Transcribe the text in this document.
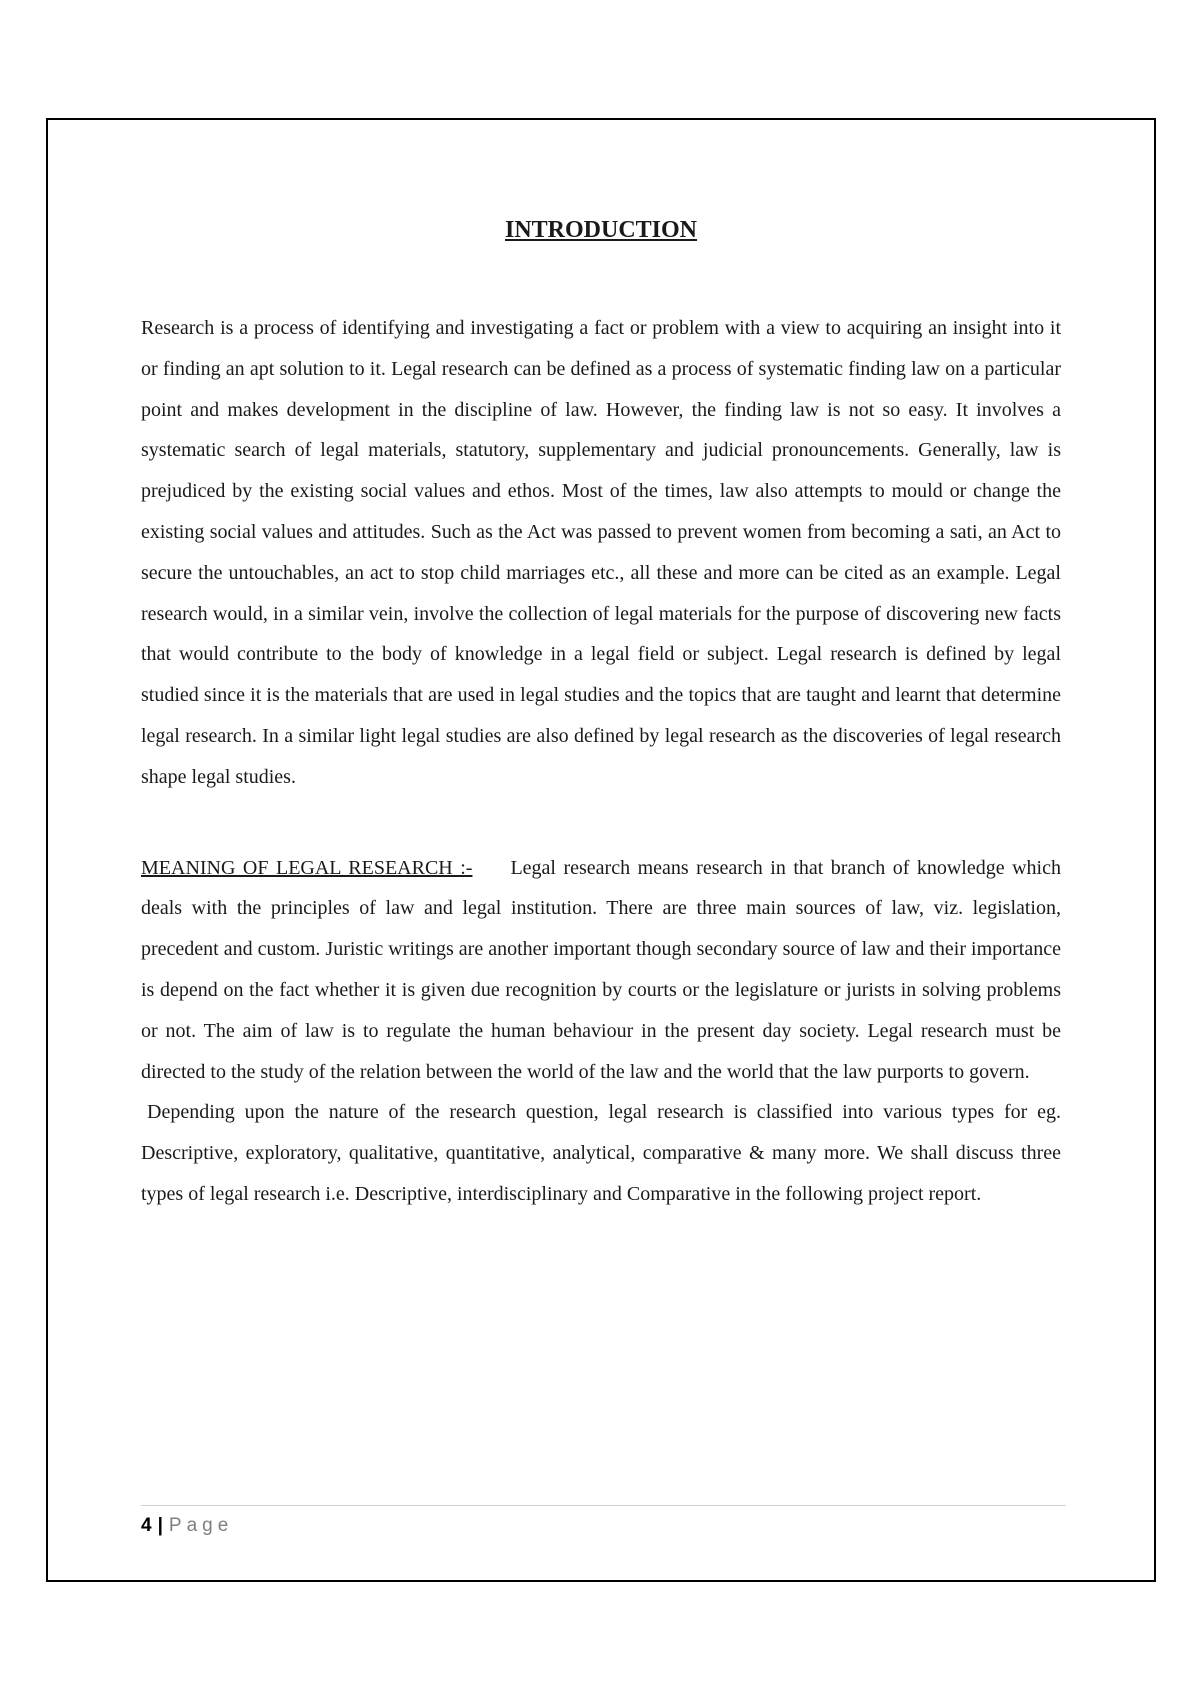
INTRODUCTION

Research is a process of identifying and investigating a fact or problem with a view to acquiring an insight into it or finding an apt solution to it. Legal research can be defined as a process of systematic finding law on a particular point and makes development in the discipline of law. However, the finding law is not so easy. It involves a systematic search of legal materials, statutory, supplementary and judicial pronouncements. Generally, law is prejudiced by the existing social values and ethos. Most of the times, law also attempts to mould or change the existing social values and attitudes. Such as the Act was passed to prevent women from becoming a sati, an Act to secure the untouchables, an act to stop child marriages etc., all these and more can be cited as an example. Legal research would, in a similar vein, involve the collection of legal materials for the purpose of discovering new facts that would contribute to the body of knowledge in a legal field or subject. Legal research is defined by legal studied since it is the materials that are used in legal studies and the topics that are taught and learnt that determine legal research. In a similar light legal studies are also defined by legal research as the discoveries of legal research shape legal studies.

MEANING OF LEGAL RESEARCH :- Legal research means research in that branch of knowledge which deals with the principles of law and legal institution. There are three main sources of law, viz. legislation, precedent and custom. Juristic writings are another important though secondary source of law and their importance is depend on the fact whether it is given due recognition by courts or the legislature or jurists in solving problems or not. The aim of law is to regulate the human behaviour in the present day society. Legal research must be directed to the study of the relation between the world of the law and the world that the law purports to govern.

Depending upon the nature of the research question, legal research is classified into various types for eg. Descriptive, exploratory, qualitative, quantitative, analytical, comparative & many more. We shall discuss three types of legal research i.e. Descriptive, interdisciplinary and Comparative in the following project report.

4 | Page
